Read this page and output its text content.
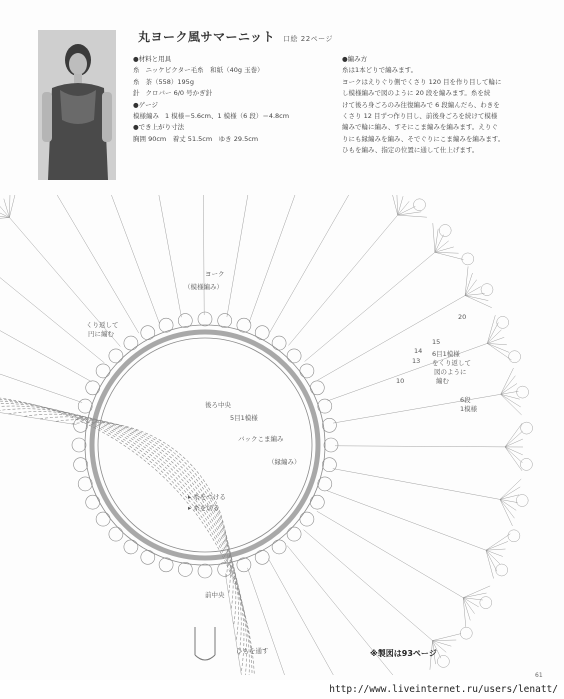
丸ヨーク風サマーニット 口絵 22ページ
●材料と用具
糸 ニッケビクター毛糸　和紙（40g 玉巻）
糸 茶（558）195g
針 クロバー 6/0 号かぎ針
●ゲージ
模様編み 1 模様＝5.6cm、1 模様（6 段）＝4.8cm
●でき上がり寸法
胸囲 90cm　着丈 51.5cm　ゆき 29.5cm
●編み方
糸は1本どりで編みます。
ヨークはえりぐり側でくさり 120 目を作り目して輪に
し模様編みで図のように 20 段を編みます。糸を続
けて後ろ身ごろのみ往復編みで 6 段編んだら、わきを
くさり 12 目ずつ作り目し、前後身ごろを続けて模様
編みで輪に編み、すそにこま編みを編みます。えりぐ
りにも縁編みを編み、そでぐりにこま編みを編みます。
ひもを編み、指定の位置に通して仕上げます。
ヨーク
（模様編み）
くり返して
円に編む
後ろ中央
5目1模様
バックこま編み
（縁編み）
▸ 糸をつける
▸ 糸を切る
前中央
ひもを通す
6目1模様
をくり返して
図のように
編む
6段
1模様
20
15
14
13
10
※製図は93ページ
61
http://www.liveinternet.ru/users/lenatt/
